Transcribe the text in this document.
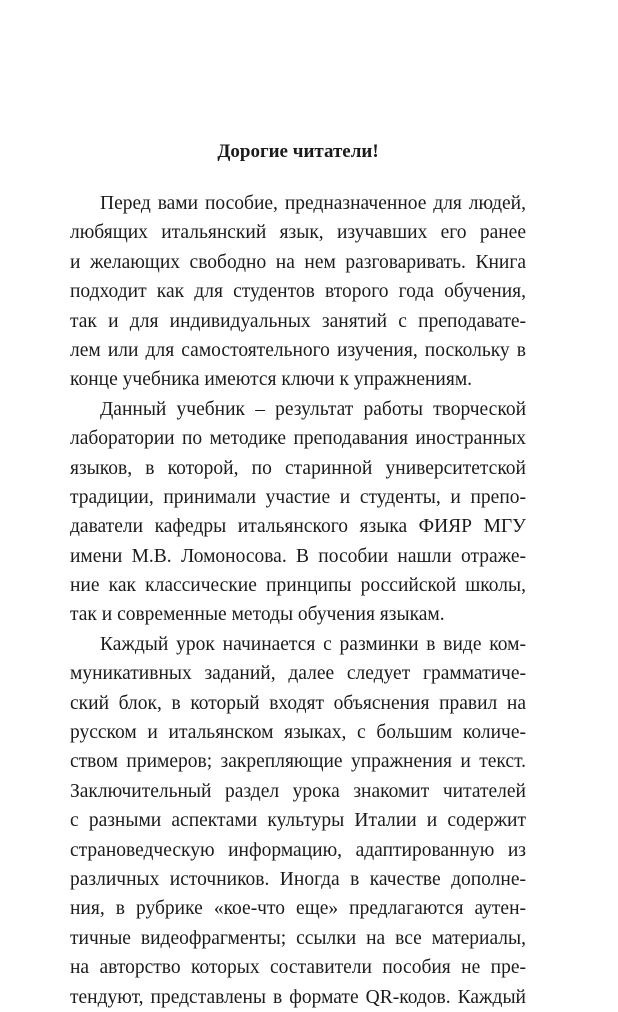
Дорогие читатели!
Перед вами пособие, предназначенное для людей,
любящих итальянский язык, изучавших его ранее
и желающих свободно на нем разговаривать. Книга
подходит как для студентов второго года обучения,
так и для индивидуальных занятий с преподавате-
лем или для самостоятельного изучения, поскольку в
конце учебника имеются ключи к упражнениям.
Данный учебник – результат работы творческой
лаборатории по методике преподавания иностранных
языков, в которой, по старинной университетской
традиции, принимали участие и студенты, и препо-
даватели кафедры итальянского языка ФИЯР МГУ
имени М.В. Ломоносова. В пособии нашли отраже-
ние как классические принципы российской школы,
так и современные методы обучения языкам.
Каждый урок начинается с разминки в виде ком-
муникативных заданий, далее следует грамматиче-
ский блок, в который входят объяснения правил на
русском и итальянском языках, с большим количе-
ством примеров; закрепляющие упражнения и текст.
Заключительный раздел урока знакомит читателей
с разными аспектами культуры Италии и содержит
страноведческую информацию, адаптированную из
различных источников. Иногда в качестве дополне-
ния, в рубрике «кое-что еще» предлагаются аутен-
тичные видеофрагменты; ссылки на все материалы,
на авторство которых составители пособия не пре-
тендуют, представлены в формате QR-кодов. Каждый
